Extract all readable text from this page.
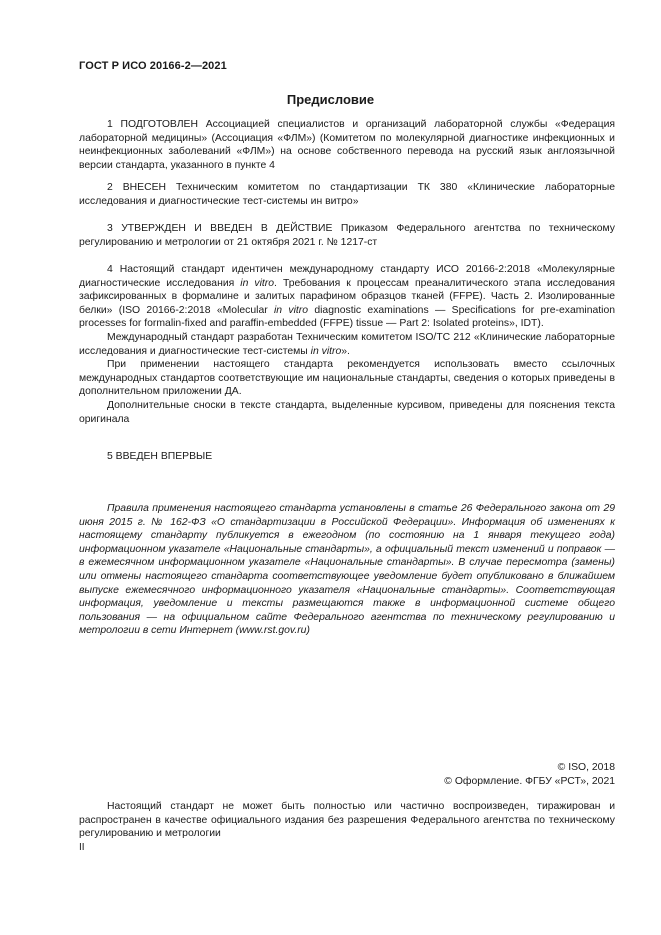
ГОСТ Р ИСО 20166-2—2021
Предисловие

1 ПОДГОТОВЛЕН Ассоциацией специалистов и организаций лабораторной службы «Федерация лабораторной медицины» (Ассоциация «ФЛМ») (Комитетом по молекулярной диагностике инфекционных и неинфекционных заболеваний «ФЛМ») на основе собственного перевода на русский язык англоязычной версии стандарта, указанного в пункте 4

2 ВНЕСЕН Техническим комитетом по стандартизации ТК 380 «Клинические лабораторные исследования и диагностические тест-системы ин витро»

3 УТВЕРЖДЕН И ВВЕДЕН В ДЕЙСТВИЕ Приказом Федерального агентства по техническому регулированию и метрологии от 21 октября 2021 г. № 1217-ст

4 Настоящий стандарт идентичен международному стандарту ИСО 20166-2:2018 «Молекулярные диагностические исследования in vitro. Требования к процессам преаналитического этапа исследования зафиксированных в формалине и залитых парафином образцов тканей (FFPE). Часть 2. Изолированные белки» (ISO 20166-2:2018 «Molecular in vitro diagnostic examinations — Specifications for pre-examination processes for formalin-fixed and paraffin-embedded (FFPE) tissue — Part 2: Isolated proteins», IDT).

Международный стандарт разработан Техническим комитетом ISO/TC 212 «Клинические лабораторные исследования и диагностические тест-системы in vitro».

При применении настоящего стандарта рекомендуется использовать вместо ссылочных международных стандартов соответствующие им национальные стандарты, сведения о которых приведены в дополнительном приложении ДА.

Дополнительные сноски в тексте стандарта, выделенные курсивом, приведены для пояснения текста оригинала

5 ВВЕДЕН ВПЕРВЫЕ

Правила применения настоящего стандарта установлены в статье 26 Федерального закона от 29 июня 2015 г. № 162-ФЗ «О стандартизации в Российской Федерации». Информация об изменениях к настоящему стандарту публикуется в ежегодном (по состоянию на 1 января текущего года) информационном указателе «Национальные стандарты», а официальный текст изменений и поправок — в ежемесячном информационном указателе «Национальные стандарты». В случае пересмотра (замены) или отмены настоящего стандарта соответствующее уведомление будет опубликовано в ближайшем выпуске ежемесячного информационного указателя «Национальные стандарты». Соответствующая информация, уведомление и тексты размещаются также в информационной системе общего пользования — на официальном сайте Федерального агентства по техническому регулированию и метрологии в сети Интернет (www.rst.gov.ru)
© ISO, 2018
© Оформление. ФГБУ «РСТ», 2021

Настоящий стандарт не может быть полностью или частично воспроизведен, тиражирован и распространен в качестве официального издания без разрешения Федерального агентства по техническому регулированию и метрологии

II
